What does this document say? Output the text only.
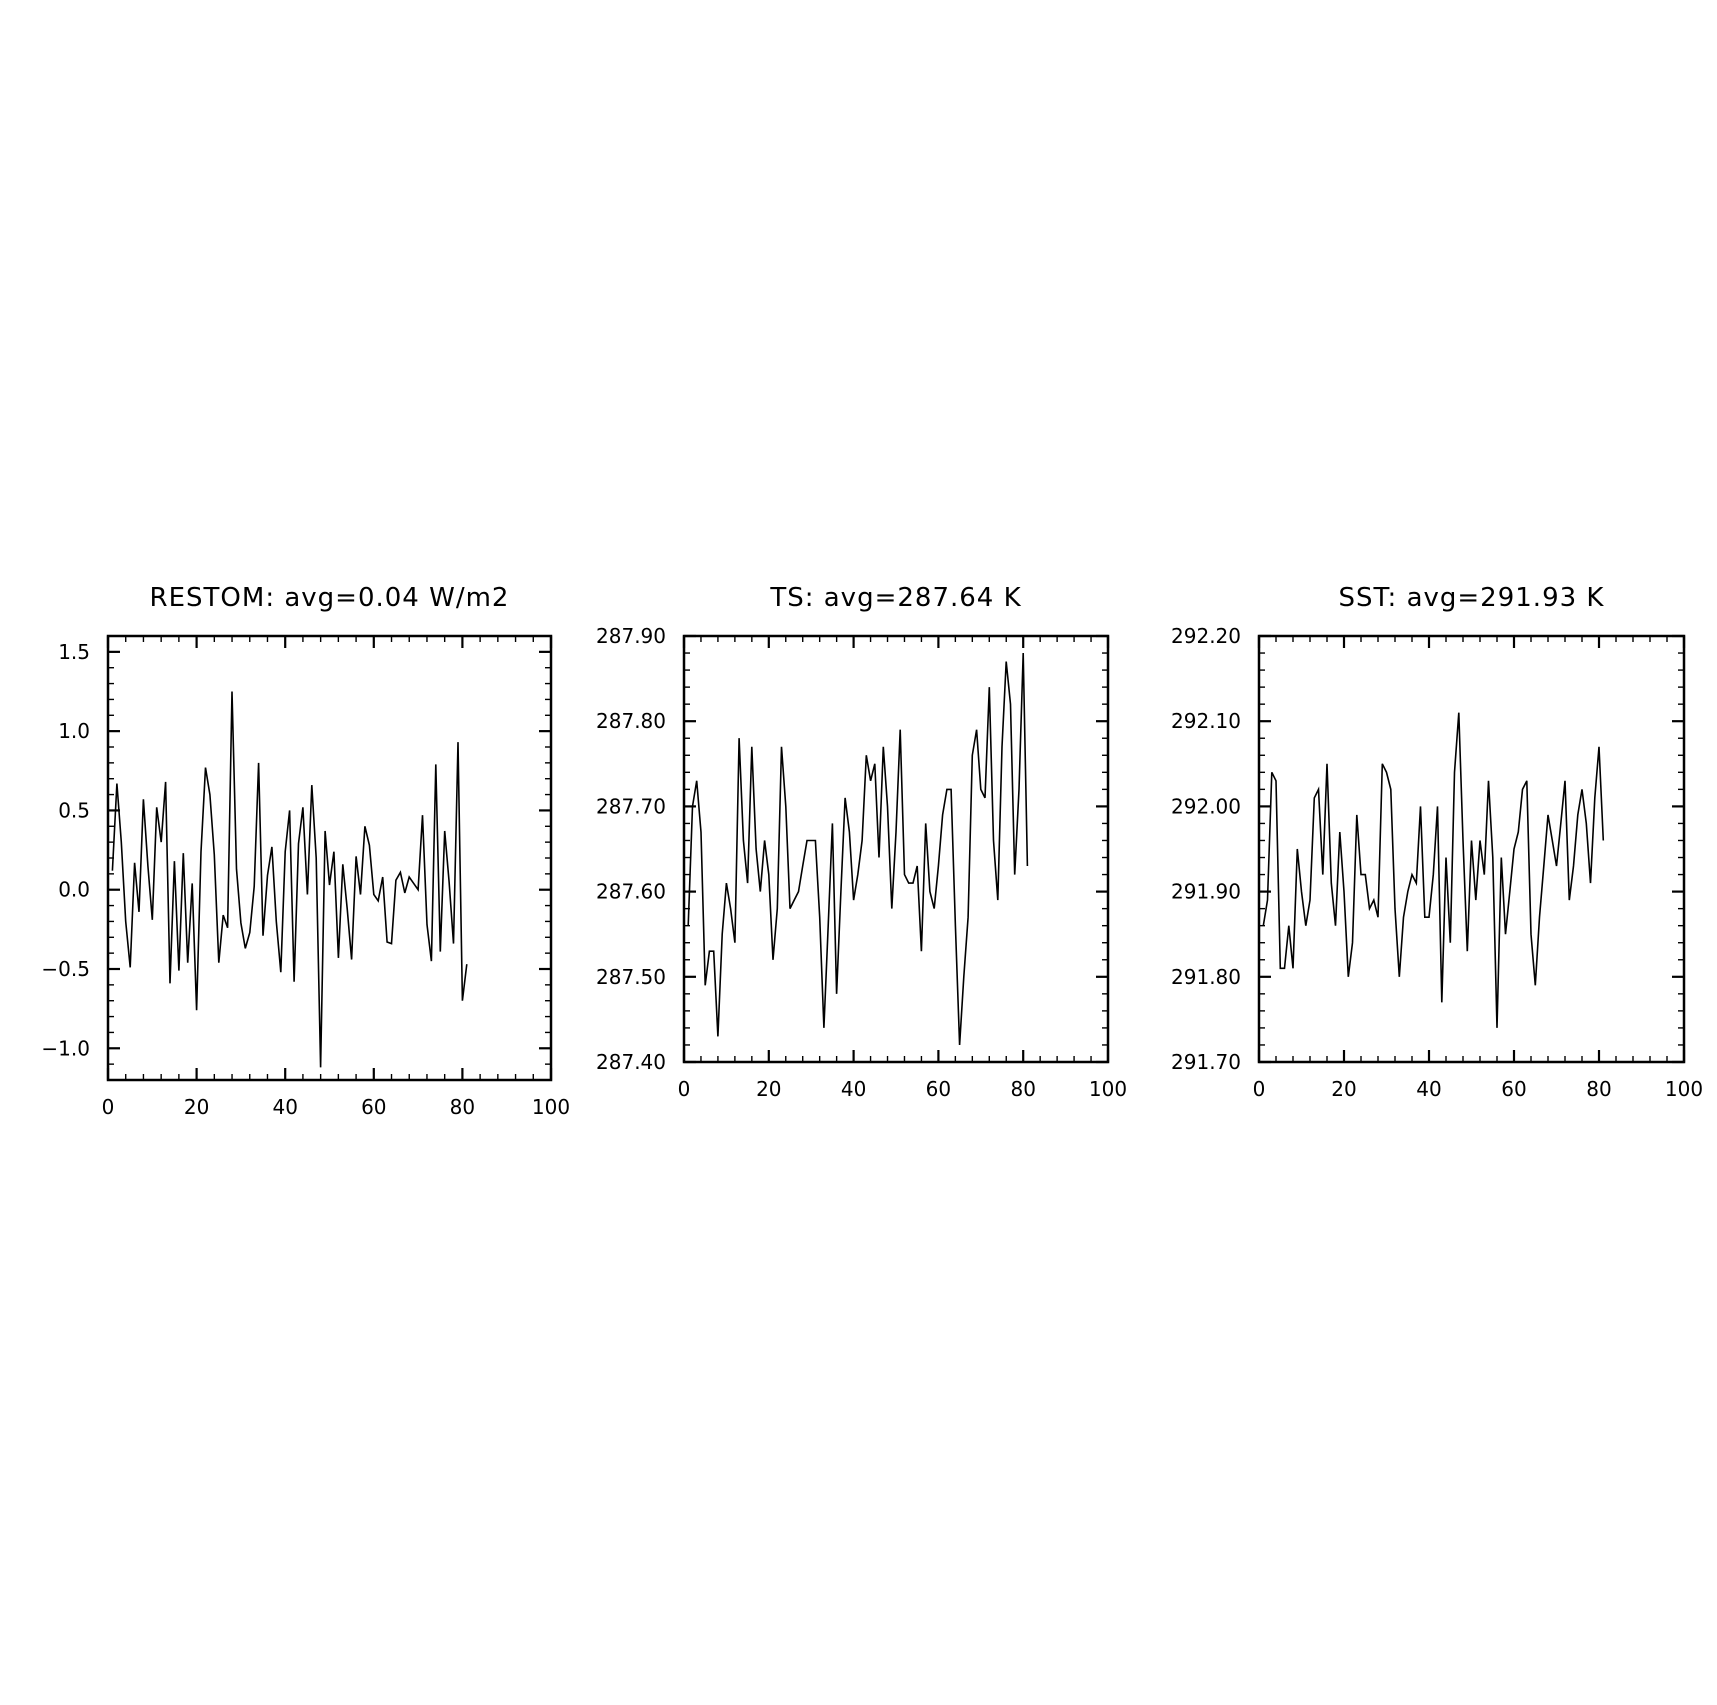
RESTOM: avg=0.04 W/m2
0	20	40	60	80	100
−1.0
−0.5
0.0
0.5
1.0
1.5
TS: avg=287.64 K
0	20	40	60	80	100
287.40
287.50
287.60
287.70
287.80
287.90
SST: avg=291.93 K
0	20	40	60	80	100
291.70
291.80
291.90
292.00
292.10
292.20
